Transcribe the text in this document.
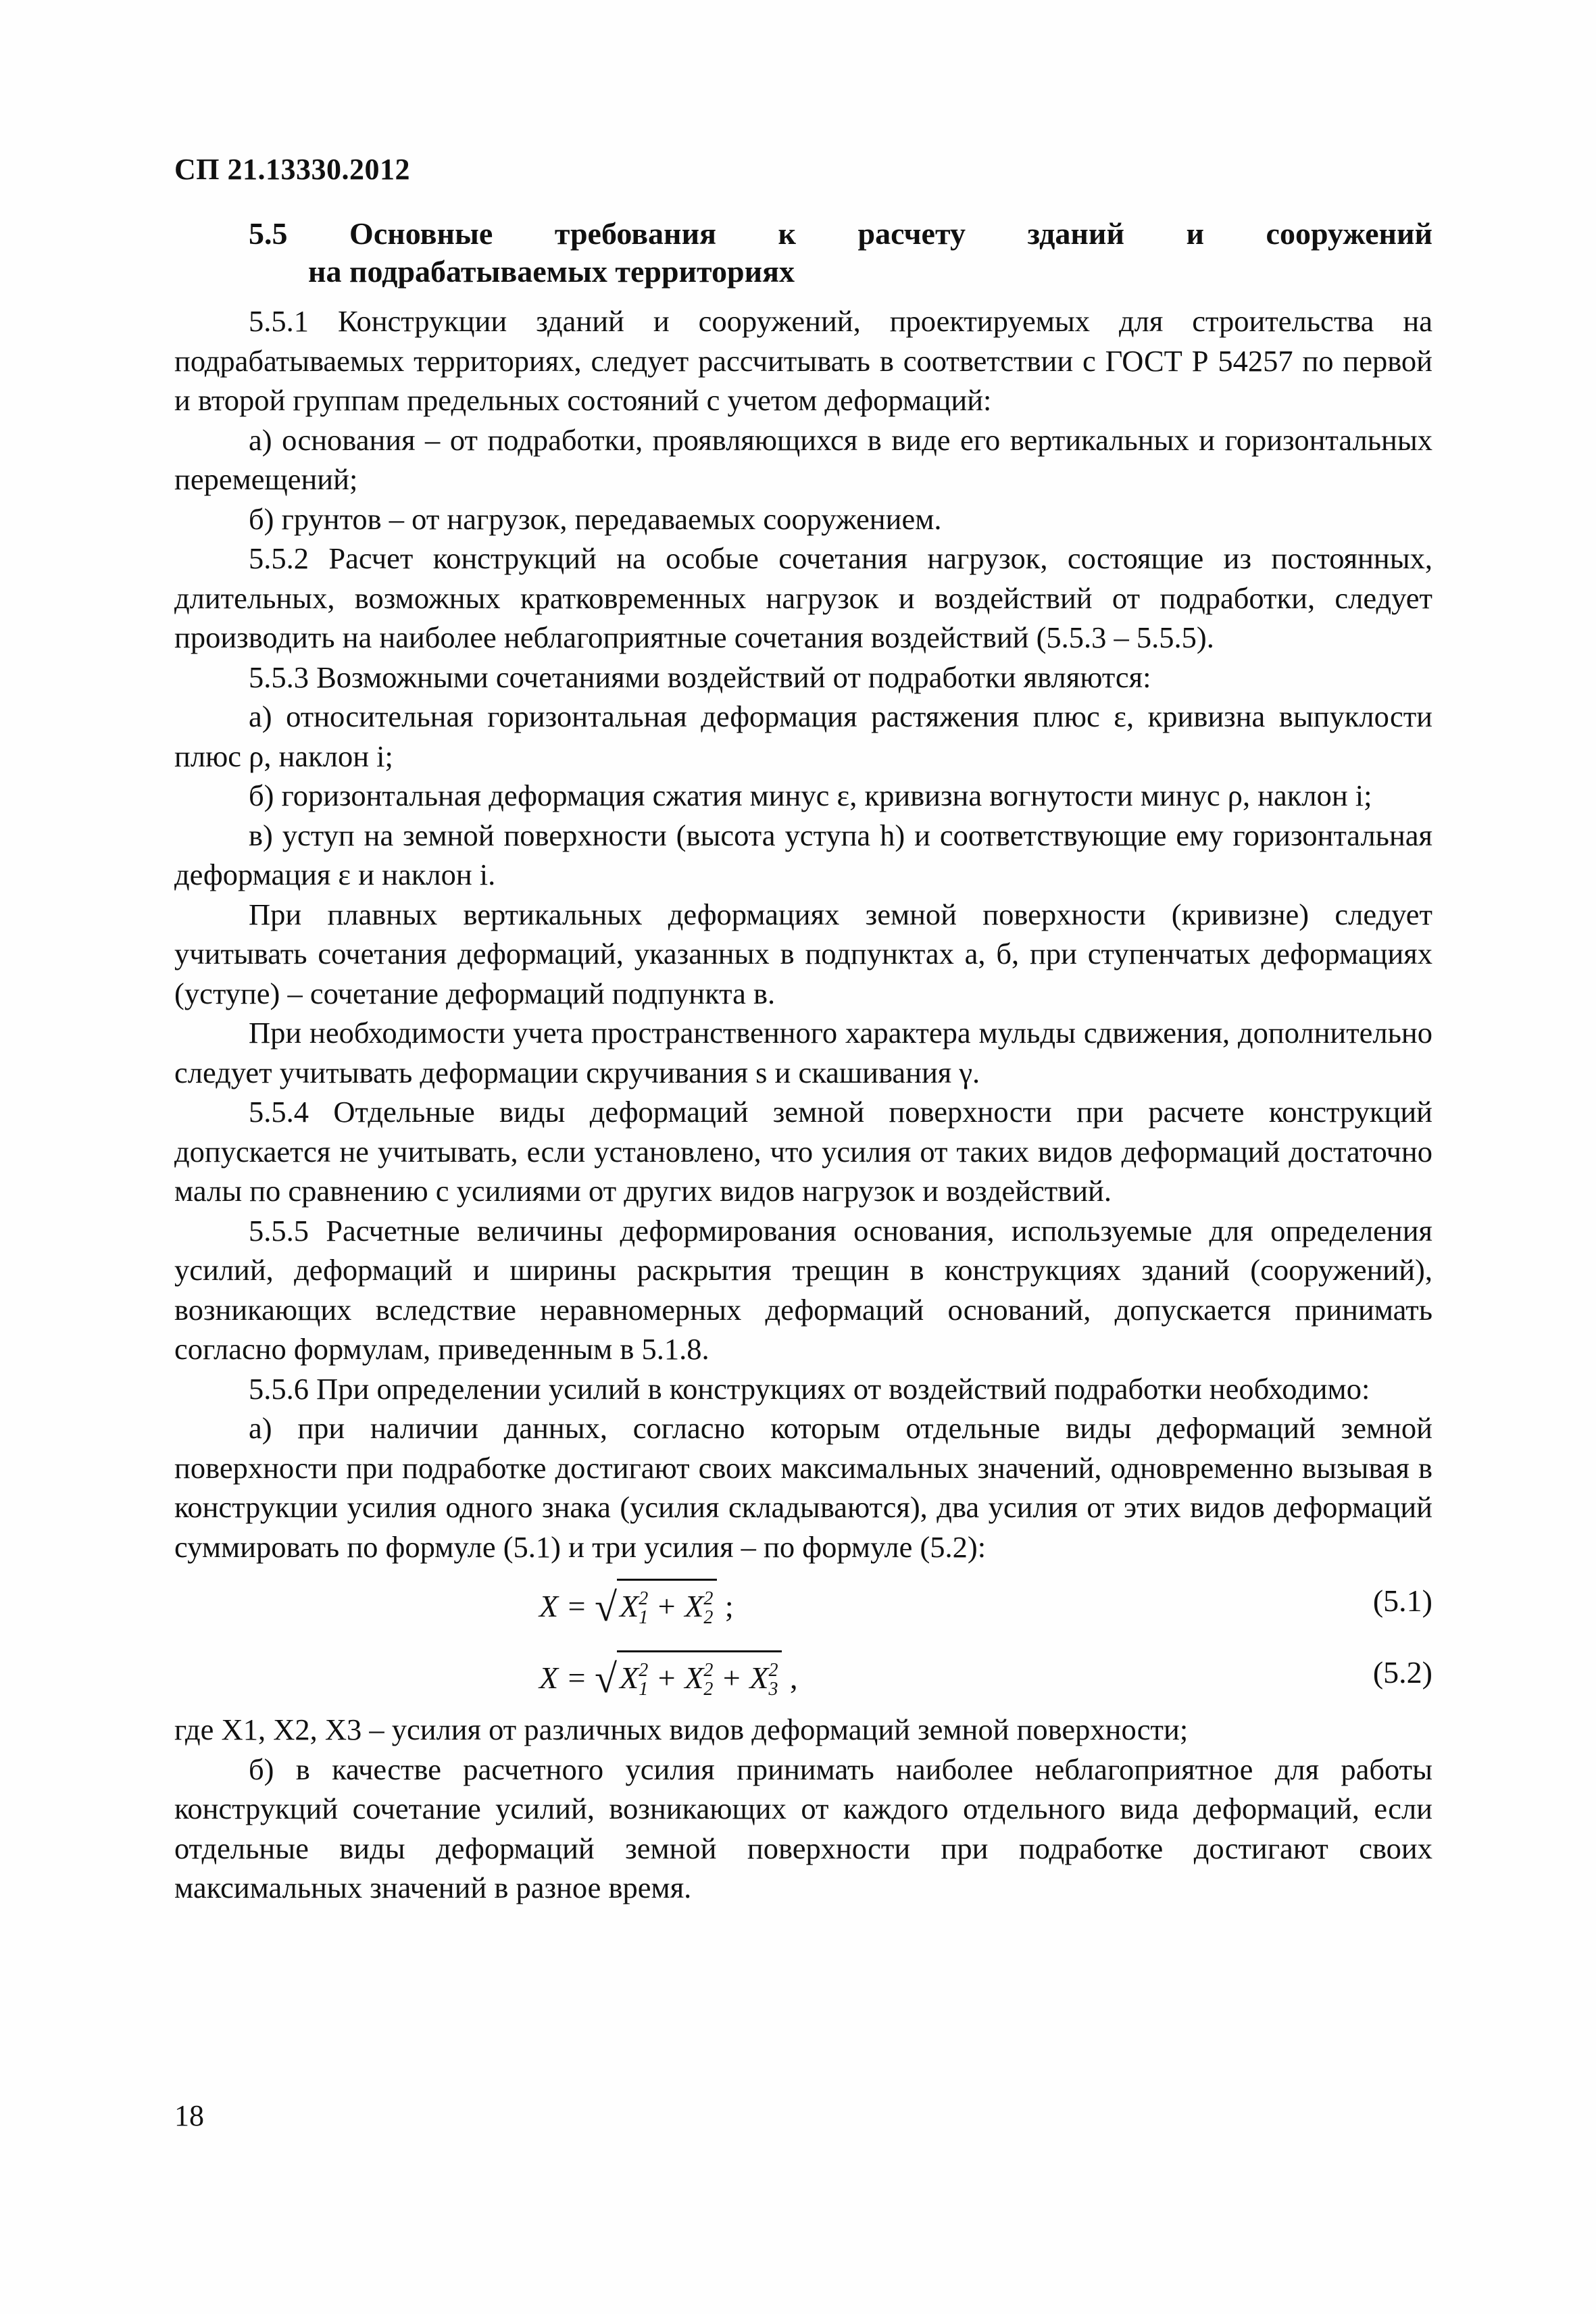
СП 21.13330.2012
5.5 Основные требования к расчету зданий и сооружений
на подрабатываемых территориях

5.5.1 Конструкции зданий и сооружений, проектируемых для строительства на подрабатываемых территориях, следует рассчитывать в соответствии с ГОСТ Р 54257 по первой и второй группам предельных состояний с учетом деформаций:

а) основания – от подработки, проявляющихся в виде его вертикальных и горизонтальных перемещений;

б) грунтов – от нагрузок, передаваемых сооружением.

5.5.2 Расчет конструкций на особые сочетания нагрузок, состоящие из постоянных, длительных, возможных кратковременных нагрузок и воздействий от подработки, следует производить на наиболее неблагоприятные сочетания воздействий (5.5.3 – 5.5.5).

5.5.3 Возможными сочетаниями воздействий от подработки являются:

а) относительная горизонтальная деформация растяжения плюс ε, кривизна выпуклости плюс ρ, наклон i;

б) горизонтальная деформация сжатия минус ε, кривизна вогнутости минус ρ, наклон i;

в) уступ на земной поверхности (высота уступа h) и соответствующие ему горизонтальная деформация ε и наклон i.

При плавных вертикальных деформациях земной поверхности (кривизне) следует учитывать сочетания деформаций, указанных в подпунктах а, б, при ступенчатых деформациях (уступе) – сочетание деформаций подпункта в.

При необходимости учета пространственного характера мульды сдвижения, дополнительно следует учитывать деформации скручивания s и скашивания γ.

5.5.4 Отдельные виды деформаций земной поверхности при расчете конструкций допускается не учитывать, если установлено, что усилия от таких видов деформаций достаточно малы по сравнению с усилиями от других видов нагрузок и воздействий.

5.5.5 Расчетные величины деформирования основания, используемые для определения усилий, деформаций и ширины раскрытия трещин в конструкциях зданий (сооружений), возникающих вследствие неравномерных деформаций оснований, допускается принимать согласно формулам, приведенным в 5.1.8.

5.5.6 При определении усилий в конструкциях от воздействий подработки необходимо:

а) при наличии данных, согласно которым отдельные виды деформаций земной поверхности при подработке достигают своих максимальных значений, одновременно вызывая в конструкции усилия одного знака (усилия складываются), два усилия от этих видов деформаций суммировать по формуле (5.1) и три усилия – по формуле (5.2):

$X = √X_1^2 + X_2^2$ ;	(5.1)
$X = √X_1^2 + X_2^2 + X_3^2$ ,	(5.2)

где X1, X2, X3 – усилия от различных видов деформаций земной поверхности;

б) в качестве расчетного усилия принимать наиболее неблагоприятное для работы конструкций сочетание усилий, возникающих от каждого отдельного вида деформаций, если отдельные виды деформаций земной поверхности при подработке достигают своих максимальных значений в разное время.

18
